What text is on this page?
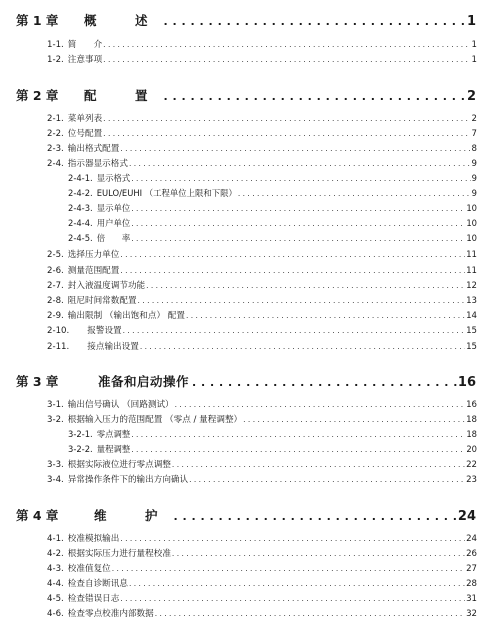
第 1 章	概　述 . . .	1
1-1. 简　　介 . . .	1
1-2. 注意事项 . . .	1
第 2 章	配　置 . . .	2
2-1. 菜单列表 . . .	2
2-2. 位号配置 . . .	7
2-3. 输出格式配置 . . .	8
2-4. 指示器显示格式 . . .	9
2-4-1. 显示格式 . . .	9
2-4-2. EULO/EUHI （工程单位上限和下限） . . .	9
2-4-3. 显示单位 . . .	10
2-4-4. 用户单位 . . .	10
2-4-5. 倍　　率 . . .	10
2-5. 选择压力单位 . . .	11
2-6. 测量范围配置 . . .	11
2-7. 封入液温度调节功能 . . .	12
2-8. 阻尼时间常数配置 . . .	13
2-9. 输出限制 （输出饱和点） 配置 . . .	14
2-10. 报警设置 . . .	15
2-11. 接点输出设置 . . .	15
第 3 章	准备和启动操作 . . .	16
3-1. 输出信号确认 （回路测试） . . .	16
3-2. 根据输入压力的范围配置 （零点 / 量程调整） . . .	18
3-2-1. 零点调整 . . .	18
3-2-2. 量程调整 . . .	20
3-3. 根据实际液位进行零点调整 . . .	22
3-4. 异常操作条件下的输出方向确认 . . .	23
第 4 章	维　护 . . .	24
4-1. 校准模拟输出 . . .	24
4-2. 根据实际压力进行量程校准 . . .	26
4-3. 校准值复位 . . .	27
4-4. 检查自诊断讯息 . . .	28
4-5. 检查错误日志 . . .	31
4-6. 检查零点校准内部数据 . . .	32
